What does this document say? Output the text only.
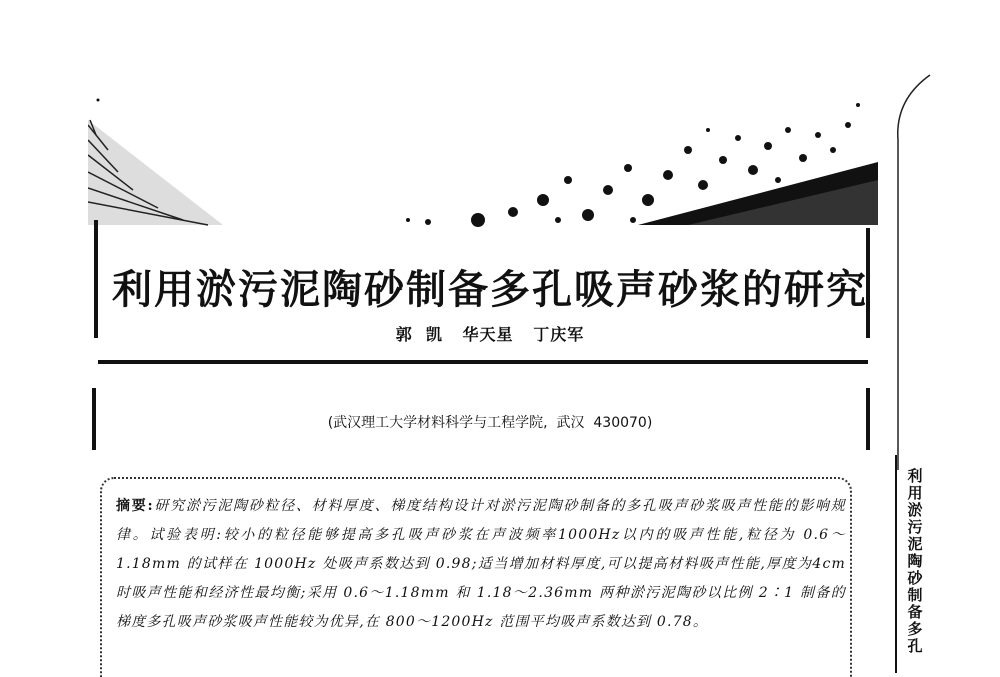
利用淤污泥陶砂制备多孔吸声砂浆的研究
郭  凯   华天星   丁庆军
(武汉理工大学材料科学与工程学院,  武汉  430070)
摘要:研究淤污泥陶砂粒径、材料厚度、梯度结构设计对淤污泥陶砂制备的多孔吸声砂浆吸声性能的影响规律。试验表明:较小的粒径能够提高多孔吸声砂浆在声波频率1000Hz以内的吸声性能,粒径为 0.6～1.18mm 的试样在 1000Hz 处吸声系数达到 0.98;适当增加材料厚度,可以提高材料吸声性能,厚度为4cm时吸声性能和经济性最均衡;采用 0.6～1.18mm 和 1.18～2.36mm 两种淤污泥陶砂以比例 2∶1 制备的梯度多孔吸声砂浆吸声性能较为优异,在 800～1200Hz 范围平均吸声系数达到 0.78。
利用淤污泥陶砂制备多孔
